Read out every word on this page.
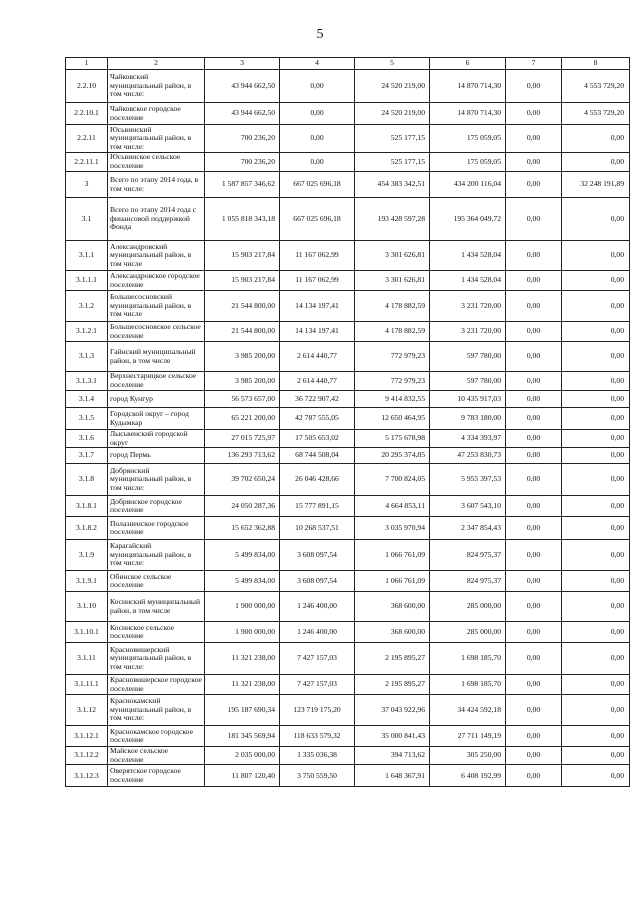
5
1	2	3	4	5	6	7	8
2.2.10	Чайковский муниципальный район, в том числе:	43 944 662,50	0,00	24 520 219,00	14 870 714,30	0,00	4 553 729,20
2.2.10.1	Чайковское городское поселение	43 944 662,50	0,00	24 520 219,00	14 870 714,30	0,00	4 553 729,20
2.2.11	Юсьвинский муниципальный район, в том числе:	700 236,20	0,00	525 177,15	175 059,05	0,00	0,00
2.2.11.1	Юсьвинское сельское поселение	700 236,20	0,00	525 177,15	175 059,05	0,00	0,00
3	Всего по этапу 2014 года, в том числе:	1 587 857 346,62	667 025 696,18	454 383 342,51	434 200 116,04	0,00	32 248 191,89
3.1	Всего по этапу 2014 года с финансовой поддержкой Фонда	1 055 818 343,18	667 025 696,18	193 428 597,28	195 364 049,72	0,00	0,00
3.1.1	Александровский муниципальный район, в том числе	15 903 217,84	11 167 062,99	3 301 626,81	1 434 528,04	0,00	0,00
3.1.1.1	Александровское городское поселение	15 903 217,84	11 167 062,99	3 301 626,81	1 434 528,04	0,00	0,00
3.1.2	Большесосновский муниципальный район, в том числе	21 544 800,00	14 134 197,41	4 178 882,59	3 231 720,00	0,00	0,00
3.1.2.1	Большесосновское сельское поселение	21 544 800,00	14 134 197,41	4 178 882,59	3 231 720,00	0,00	0,00
3.1.3	Гайнский муниципальный район, в том числе	3 985 200,00	2 614 440,77	772 979,23	597 780,00	0,00	0,00
3.1.3.1	Верхнестарицкое сельское поселение	3 985 200,00	2 614 440,77	772 979,23	597 780,00	0,00	0,00
3.1.4	город Кунгур	56 573 657,00	36 722 907,42	9 414 832,55	10 435 917,03	0,00	0,00
3.1.5	Городской округ – город Кудымкар	65 221 200,00	42 787 555,05	12 650 464,95	9 783 180,00	0,00	0,00
3.1.6	Лысьвенский городской округ	27 015 725,97	17 505 653,02	5 175 678,98	4 334 393,97	0,00	0,00
3.1.7	город Пермь	136 293 713,62	68 744 508,04	20 295 374,85	47 253 830,73	0,00	0,00
3.1.8	Добрянский муниципальный район, в том числе:	39 702 650,24	26 046 428,66	7 700 824,05	5 955 397,53	0,00	0,00
3.1.8.1	Добрянское городское поселение	24 050 287,36	15 777 891,15	4 664 853,11	3 607 543,10	0,00	0,00
3.1.8.2	Полазненское городское поселение	15 652 362,88	10 268 537,51	3 035 970,94	2 347 854,43	0,00	0,00
3.1.9	Карагайский муниципальный район, в том числе:	5 499 834,00	3 608 097,54	1 066 761,09	824 975,37	0,00	0,00
3.1.9.1	Обинское сельское поселение	5 499 834,00	3 608 097,54	1 066 761,09	824 975,37	0,00	0,00
3.1.10	Косинский муниципальный район, в том числе	1 900 000,00	1 246 400,00	368 600,00	285 000,00	0,00	0,00
3.1.10.1	Косинское сельское поселение	1 900 000,00	1 246 400,00	368 600,00	285 000,00	0,00	0,00
3.1.11	Красновишерский муниципальный район, в том числе:	11 321 238,00	7 427 157,03	2 195 895,27	1 698 185,70	0,00	0,00
3.1.11.1	Красновишерское городское поселение	11 321 238,00	7 427 157,03	2 195 895,27	1 698 185,70	0,00	0,00
3.1.12	Краснокамский муниципальный район, в том числе:	195 187 690,34	123 719 175,20	37 043 922,96	34 424 592,18	0,00	0,00
3.1.12.1	Краснокамское городское поселение	181 345 569,94	118 633 579,32	35 000 841,43	27 711 149,19	0,00	0,00
3.1.12.2	Майское сельское поселение	2 035 000,00	1 335 036,38	394 713,62	305 250,00	0,00	0,00
3.1.12.3	Оверятское городское поселение	11 807 120,40	3 750 559,50	1 648 367,91	6 408 192,99	0,00	0,00
